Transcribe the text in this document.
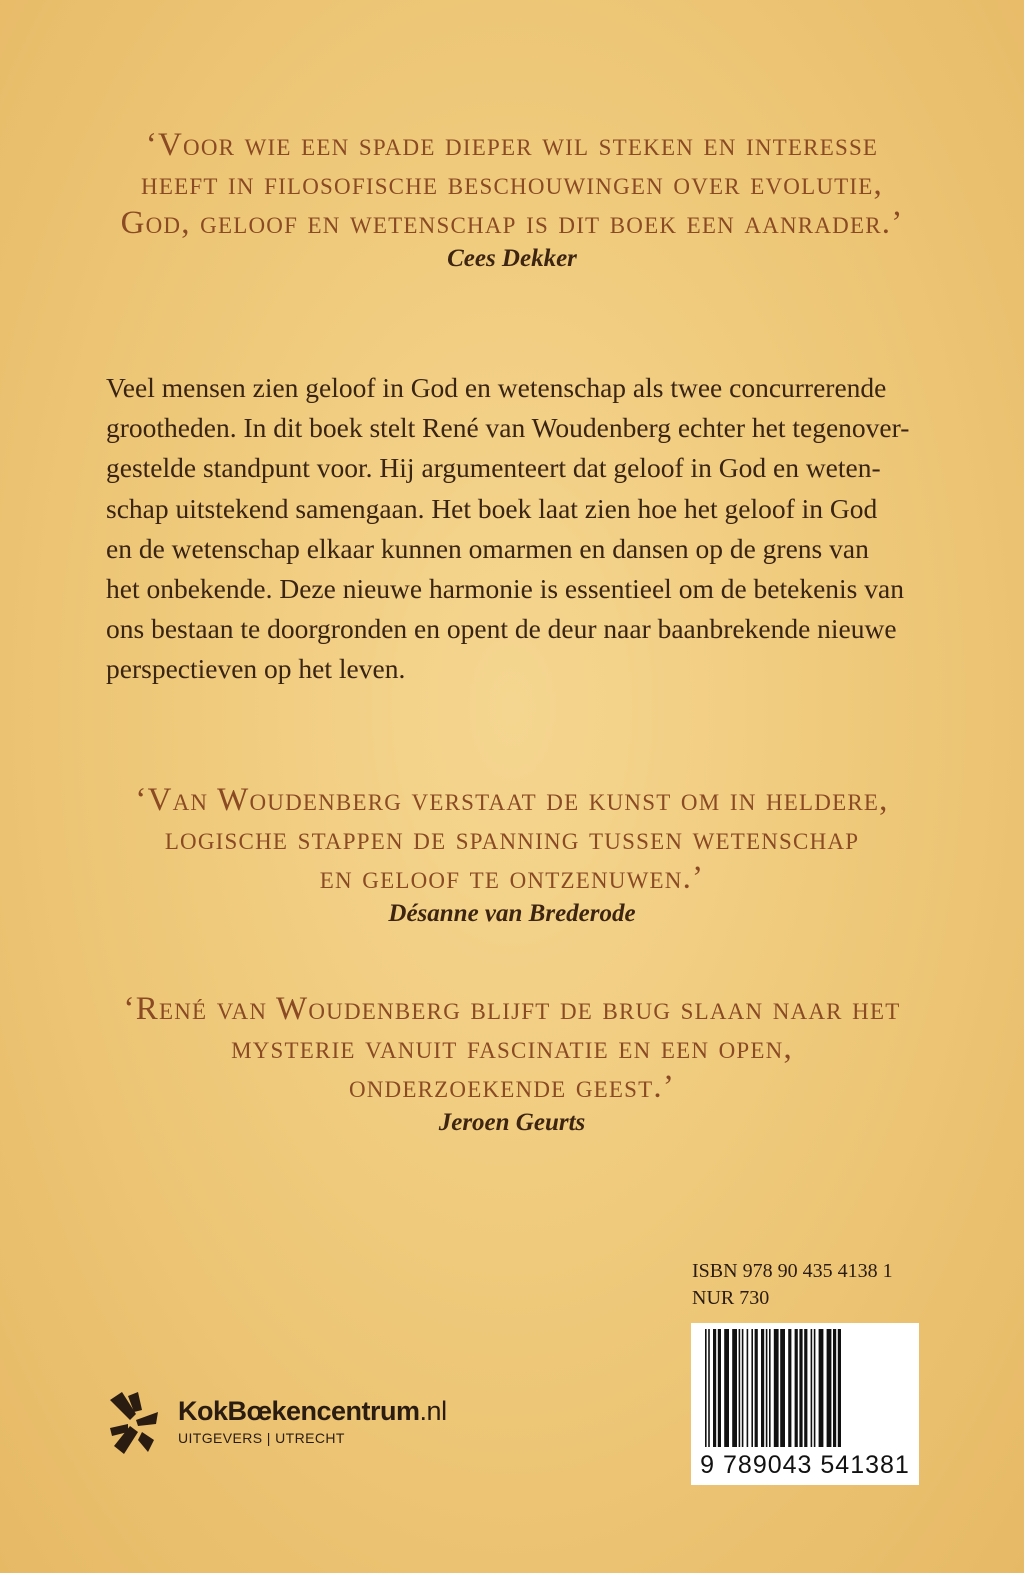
‘Voor wie een spade dieper wil steken en interesse

heeft in filosofische beschouwingen over evolutie,

God, geloof en wetenschap is dit boek een aanrader.’

Cees Dekker

Veel mensen zien geloof in God en wetenschap als twee concurrerende
grootheden. In dit boek stelt René van Woudenberg echter het tegenover-
gestelde standpunt voor. Hij argumenteert dat geloof in God en weten-
schap uitstekend samengaan. Het boek laat zien hoe het geloof in God
en de wetenschap elkaar kunnen omarmen en dansen op de grens van
het onbekende. Deze nieuwe harmonie is essentieel om de betekenis van
ons bestaan te doorgronden en opent de deur naar baanbrekende nieuwe
perspectieven op het leven.

‘Van Woudenberg verstaat de kunst om in heldere,

logische stappen de spanning tussen wetenschap

en geloof te ontzenuwen.’

Désanne van Brederode

‘René van Woudenberg blijft de brug slaan naar het

mysterie vanuit fascinatie en een open,

onderzoekende geest.’

Jeroen Geurts

KokBœkencentrum.nl
UITGEVERS | UTRECHT
ISBN 978 90 435 4138 1
NUR 730
9 789043 541381
